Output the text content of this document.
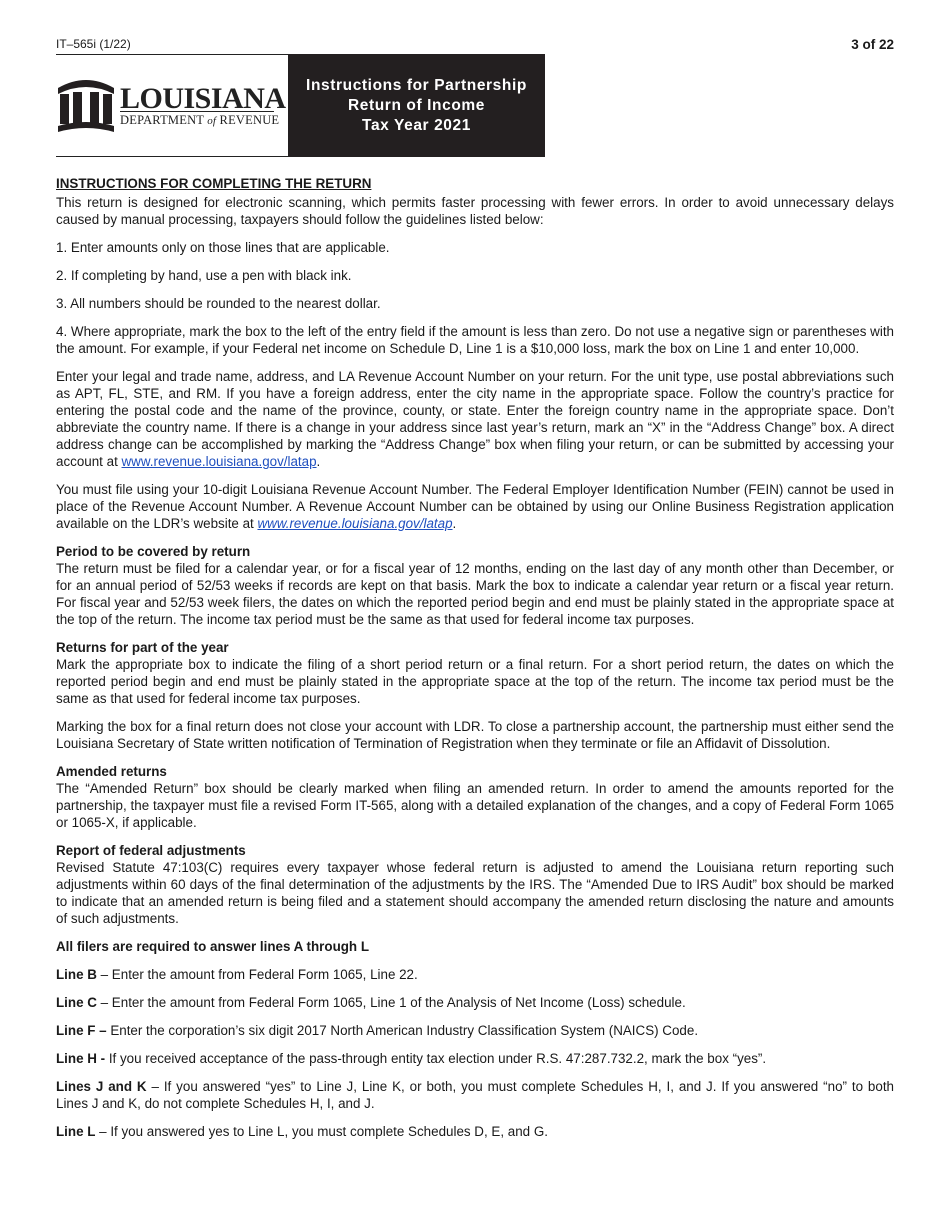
IT–565i (1/22)	3 of 22
LOUISIANA
DEPARTMENT of REVENUE
Instructions for Partnership
Return of Income
Tax Year 2021
INSTRUCTIONS FOR COMPLETING THE RETURN

This return is designed for electronic scanning, which permits faster processing with fewer errors. In order to avoid unnecessary delays caused by manual processing, taxpayers should follow the guidelines listed below:

1. Enter amounts only on those lines that are applicable.

2. If completing by hand, use a pen with black ink.

3. All numbers should be rounded to the nearest dollar.

4. Where appropriate, mark the box to the left of the entry field if the amount is less than zero. Do not use a negative sign or parentheses with the amount. For example, if your Federal net income on Schedule D, Line 1 is a $10,000 loss, mark the box on Line 1 and enter 10,000.

Enter your legal and trade name, address, and LA Revenue Account Number on your return. For the unit type, use postal abbreviations such as APT, FL, STE, and RM. If you have a foreign address, enter the city name in the appropriate space. Follow the country’s practice for entering the postal code and the name of the province, county, or state. Enter the foreign country name in the appropriate space. Don’t abbreviate the country name. If there is a change in your address since last year’s return, mark an “X” in the “Address Change” box. A direct address change can be accomplished by marking the “Address Change” box when filing your return, or can be submitted by accessing your account at www.revenue.louisiana.gov/latap.

You must file using your 10-digit Louisiana Revenue Account Number. The Federal Employer Identification Number (FEIN) cannot be used in place of the Revenue Account Number. A Revenue Account Number can be obtained by using our Online Business Registration application available on the LDR’s website at www.revenue.louisiana.gov/latap.

Period to be covered by return

The return must be filed for a calendar year, or for a fiscal year of 12 months, ending on the last day of any month other than December, or for an annual period of 52/53 weeks if records are kept on that basis. Mark the box to indicate a calendar year return or a fiscal year return. For fiscal year and 52/53 week filers, the dates on which the reported period begin and end must be plainly stated in the appropriate space at the top of the return. The income tax period must be the same as that used for federal income tax purposes.

Returns for part of the year

Mark the appropriate box to indicate the filing of a short period return or a final return. For a short period return, the dates on which the reported period begin and end must be plainly stated in the appropriate space at the top of the return. The income tax period must be the same as that used for federal income tax purposes.

Marking the box for a final return does not close your account with LDR. To close a partnership account, the partnership must either send the Louisiana Secretary of State written notification of Termination of Registration when they terminate or file an Affidavit of Dissolution.

Amended returns

The “Amended Return” box should be clearly marked when filing an amended return. In order to amend the amounts reported for the partnership, the taxpayer must file a revised Form IT-565, along with a detailed explanation of the changes, and a copy of Federal Form 1065 or 1065-X, if applicable.

Report of federal adjustments

Revised Statute 47:103(C) requires every taxpayer whose federal return is adjusted to amend the Louisiana return reporting such adjustments within 60 days of the final determination of the adjustments by the IRS. The “Amended Due to IRS Audit” box should be marked to indicate that an amended return is being filed and a statement should accompany the amended return disclosing the nature and amounts of such adjustments.

All filers are required to answer lines A through L

Line B – Enter the amount from Federal Form 1065, Line 22.

Line C – Enter the amount from Federal Form 1065, Line 1 of the Analysis of Net Income (Loss) schedule.

Line F – Enter the corporation’s six digit 2017 North American Industry Classification System (NAICS) Code.

Line H - If you received acceptance of the pass-through entity tax election under R.S. 47:287.732.2, mark the box “yes”.

Lines J and K – If you answered “yes” to Line J, Line K, or both, you must complete Schedules H, I, and J. If you answered “no” to both Lines J and K, do not complete Schedules H, I, and J.

Line L – If you answered yes to Line L, you must complete Schedules D, E, and G.
